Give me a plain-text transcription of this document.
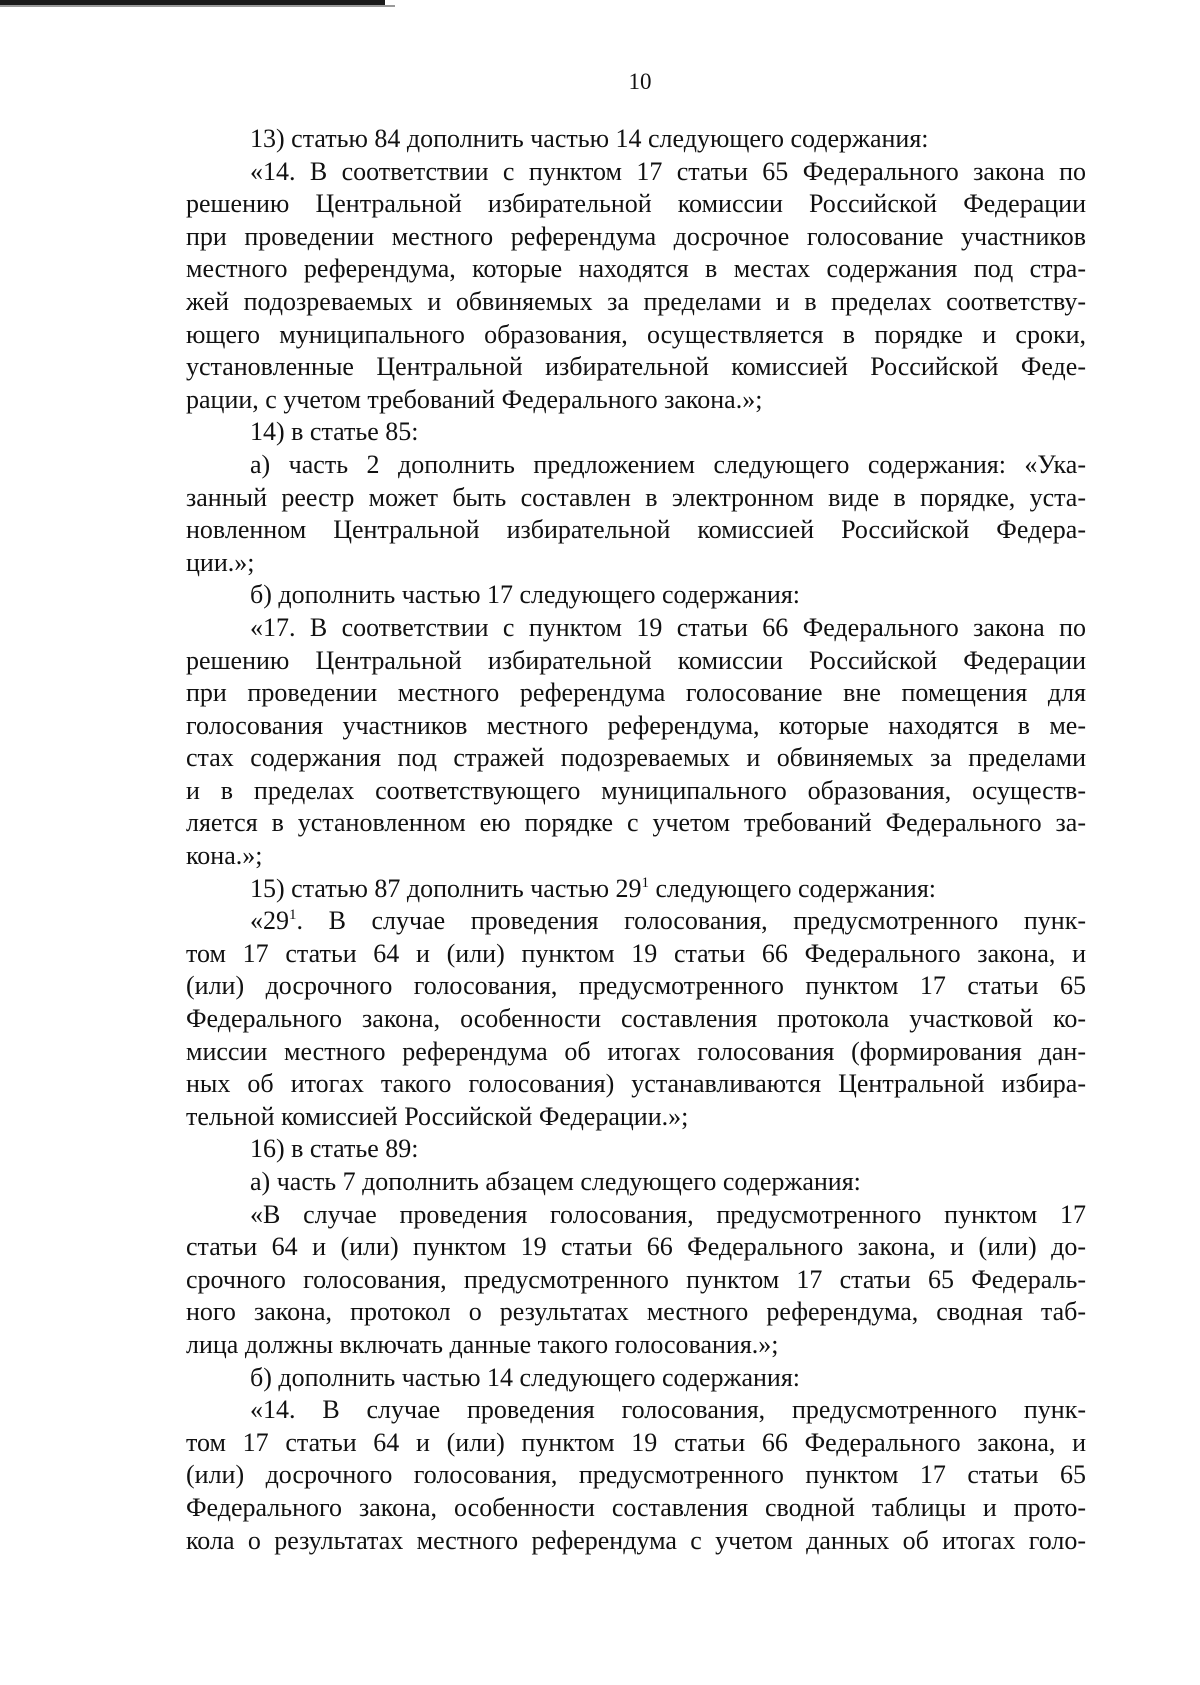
10
13) статью 84 дополнить частью 14 следующего содержания:
«14. В соответствии с пунктом 17 статьи 65 Федерального закона по
решению Центральной избирательной комиссии Российской Федерации
при проведении местного референдума досрочное голосование участников
местного референдума, которые находятся в местах содержания под стра-
жей подозреваемых и обвиняемых за пределами и в пределах соответству-
ющего муниципального образования, осуществляется в порядке и сроки,
установленные Центральной избирательной комиссией Российской Феде-
рации, с учетом требований Федерального закона.»;
14) в статье 85:
а) часть 2 дополнить предложением следующего содержания: «Ука-
занный реестр может быть составлен в электронном виде в порядке, уста-
новленном Центральной избирательной комиссией Российской Федера-
ции.»;
б) дополнить частью 17 следующего содержания:
«17. В соответствии с пунктом 19 статьи 66 Федерального закона по
решению Центральной избирательной комиссии Российской Федерации
при проведении местного референдума голосование вне помещения для
голосования участников местного референдума, которые находятся в ме-
стах содержания под стражей подозреваемых и обвиняемых за пределами
и в пределах соответствующего муниципального образования, осуществ-
ляется в установленном ею порядке с учетом требований Федерального за-
кона.»;
15) статью 87 дополнить частью $29^1$ следующего содержания:
«$29^1$. В случае проведения голосования, предусмотренного пунк-
том 17 статьи 64 и (или) пунктом 19 статьи 66 Федерального закона, и
(или) досрочного голосования, предусмотренного пунктом 17 статьи 65
Федерального закона, особенности составления протокола участковой ко-
миссии местного референдума об итогах голосования (формирования дан-
ных об итогах такого голосования) устанавливаются Центральной избира-
тельной комиссией Российской Федерации.»;
16) в статье 89:
а) часть 7 дополнить абзацем следующего содержания:
«В случае проведения голосования, предусмотренного пунктом 17
статьи 64 и (или) пунктом 19 статьи 66 Федерального закона, и (или) до-
срочного голосования, предусмотренного пунктом 17 статьи 65 Федераль-
ного закона, протокол о результатах местного референдума, сводная таб-
лица должны включать данные такого голосования.»;
б) дополнить частью 14 следующего содержания:
«14. В случае проведения голосования, предусмотренного пунк-
том 17 статьи 64 и (или) пунктом 19 статьи 66 Федерального закона, и
(или) досрочного голосования, предусмотренного пунктом 17 статьи 65
Федерального закона, особенности составления сводной таблицы и прото-
кола о результатах местного референдума с учетом данных об итогах голо-
